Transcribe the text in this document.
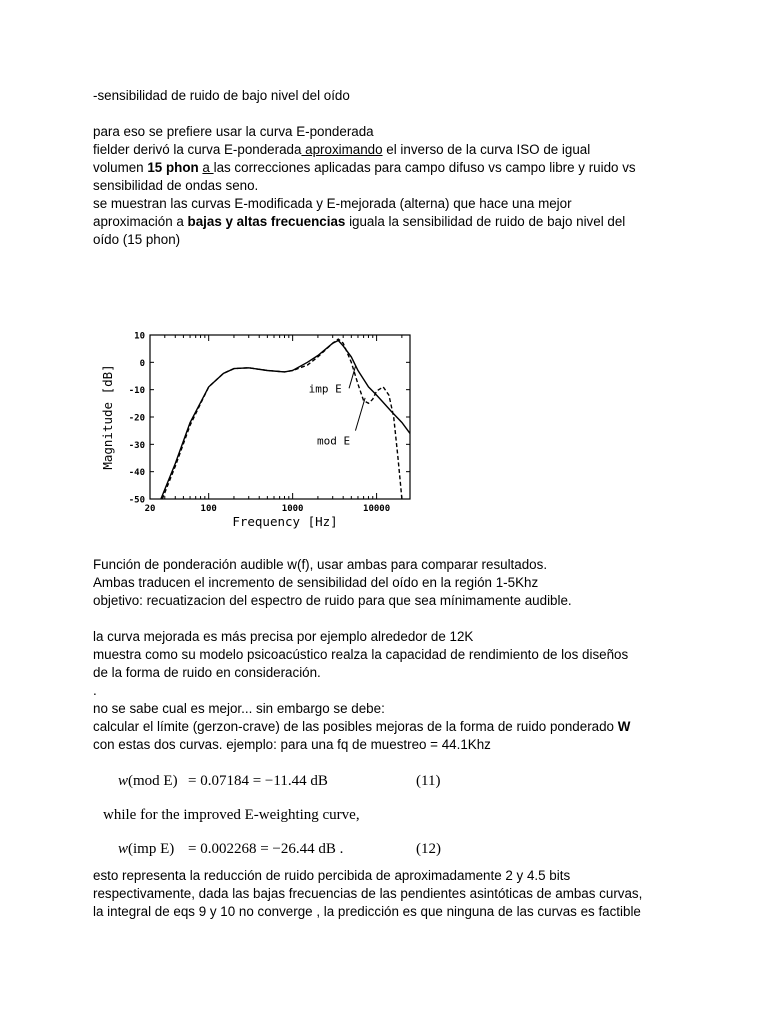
-sensibilidad de ruido de bajo nivel del oído
para eso se prefiere usar la curva E-ponderada
fielder derivó la curva E-ponderada aproximando el inverso de la curva ISO de igual
volumen 15 phon a las correcciones aplicadas para campo difuso vs campo libre y ruido vs
sensibilidad de ondas seno.
se muestran las curvas E-modificada y E-mejorada (alterna) que hace una mejor
aproximación a bajas y altas frecuencias iguala la sensibilidad de ruido de bajo nivel del
oído (15 phon)
10
0
-10
-20
-30
-40
-50
20	100	1000	10000
Frequency [Hz]
Magnitude [dB]	imp E
mod E
Función de ponderación audible w(f), usar ambas para comparar resultados.
Ambas traducen el incremento de sensibilidad del oído en la región 1-5Khz
objetivo: recuatizacion del espectro de ruido para que sea mínimamente audible.
la curva mejorada es más precisa por ejemplo alrededor de 12K
muestra como su modelo psicoacústico realza la capacidad de rendimiento de los diseños
de la forma de ruido en consideración.
.
no se sabe cual es mejor... sin embargo se debe:
calcular el límite (gerzon-crave) de las posibles mejoras de la forma de ruido ponderado W
con estas dos curvas. ejemplo: para una fq de muestreo = 44.1Khz
w(mod E) = 0.07184 = −11.44 dB	(11)
while for the improved E-weighting curve,
w(imp E) = 0.002268 = −26.44 dB .	(12)
esto representa la reducción de ruido percibida de aproximadamente 2 y 4.5 bits
respectivamente, dada las bajas frecuencias de las pendientes asintóticas de ambas curvas,
la integral de eqs 9 y 10 no converge , la predicción es que ninguna de las curvas es factible
